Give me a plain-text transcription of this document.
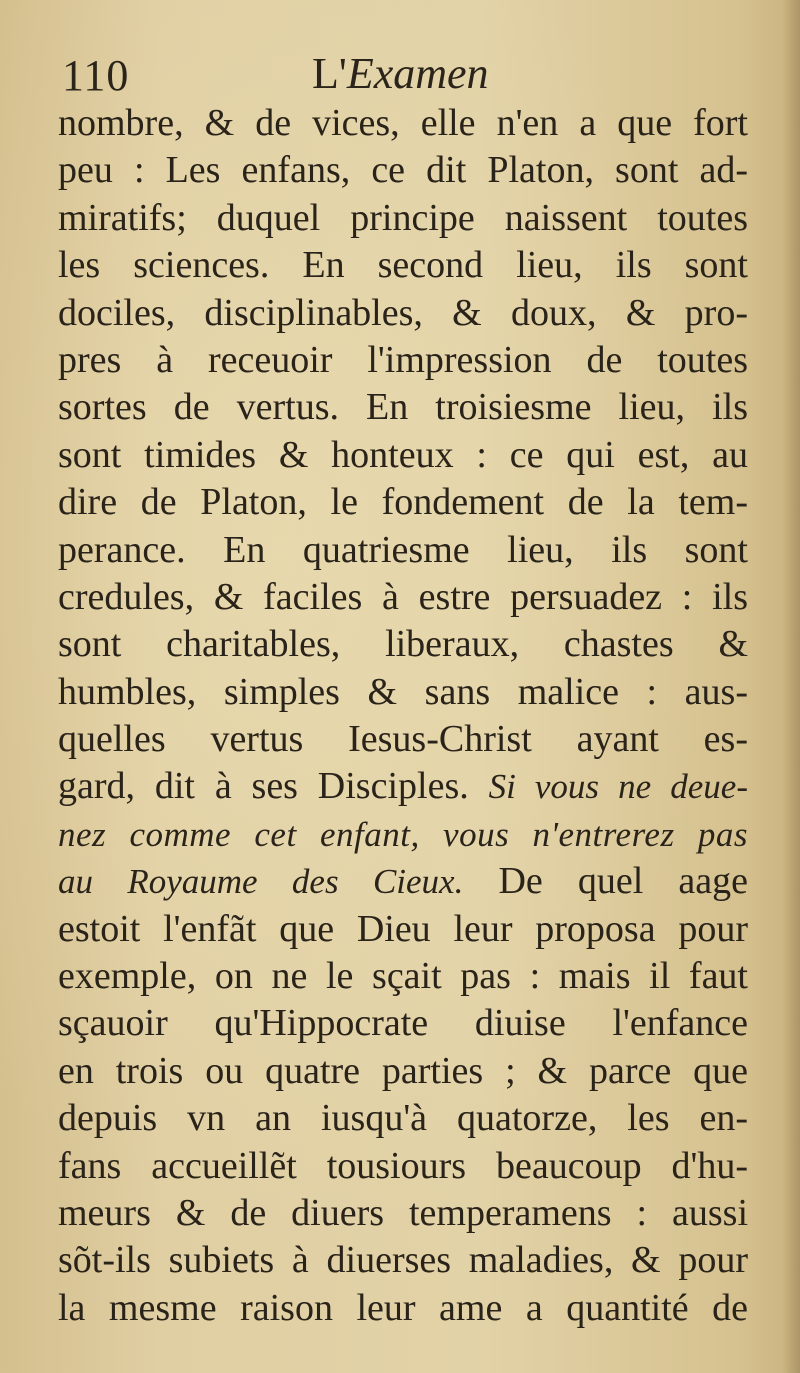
110	L'Examen
nombre, & de vices, elle n'en a que fort
peu : Les enfans, ce dit Platon, sont ad-
miratifs; duquel principe naissent toutes
les sciences. En second lieu, ils sont
dociles, disciplinables, & doux, & pro-
pres à receuoir l'impression de toutes
sortes de vertus. En troisiesme lieu, ils
sont timides & honteux : ce qui est, au
dire de Platon, le fondement de la tem-
perance. En quatriesme lieu, ils sont
credules, & faciles à estre persuadez : ils
sont charitables, liberaux, chastes &
humbles, simples & sans malice : aus-
quelles vertus Iesus-Christ ayant es-
gard, dit à ses Disciples. Si vous ne deue-
nez comme cet enfant, vous n'entrerez pas
au Royaume des Cieux. De quel aage
estoit l'enfãt que Dieu leur proposa pour
exemple, on ne le sçait pas : mais il faut
sçauoir qu'Hippocrate diuise l'enfance
en trois ou quatre parties ; & parce que
depuis vn an iusqu'à quatorze, les en-
fans accueillẽt tousiours beaucoup d'hu-
meurs & de diuers temperamens : aussi
sõt-ils subiets à diuerses maladies, & pour
la mesme raison leur ame a quantité de
